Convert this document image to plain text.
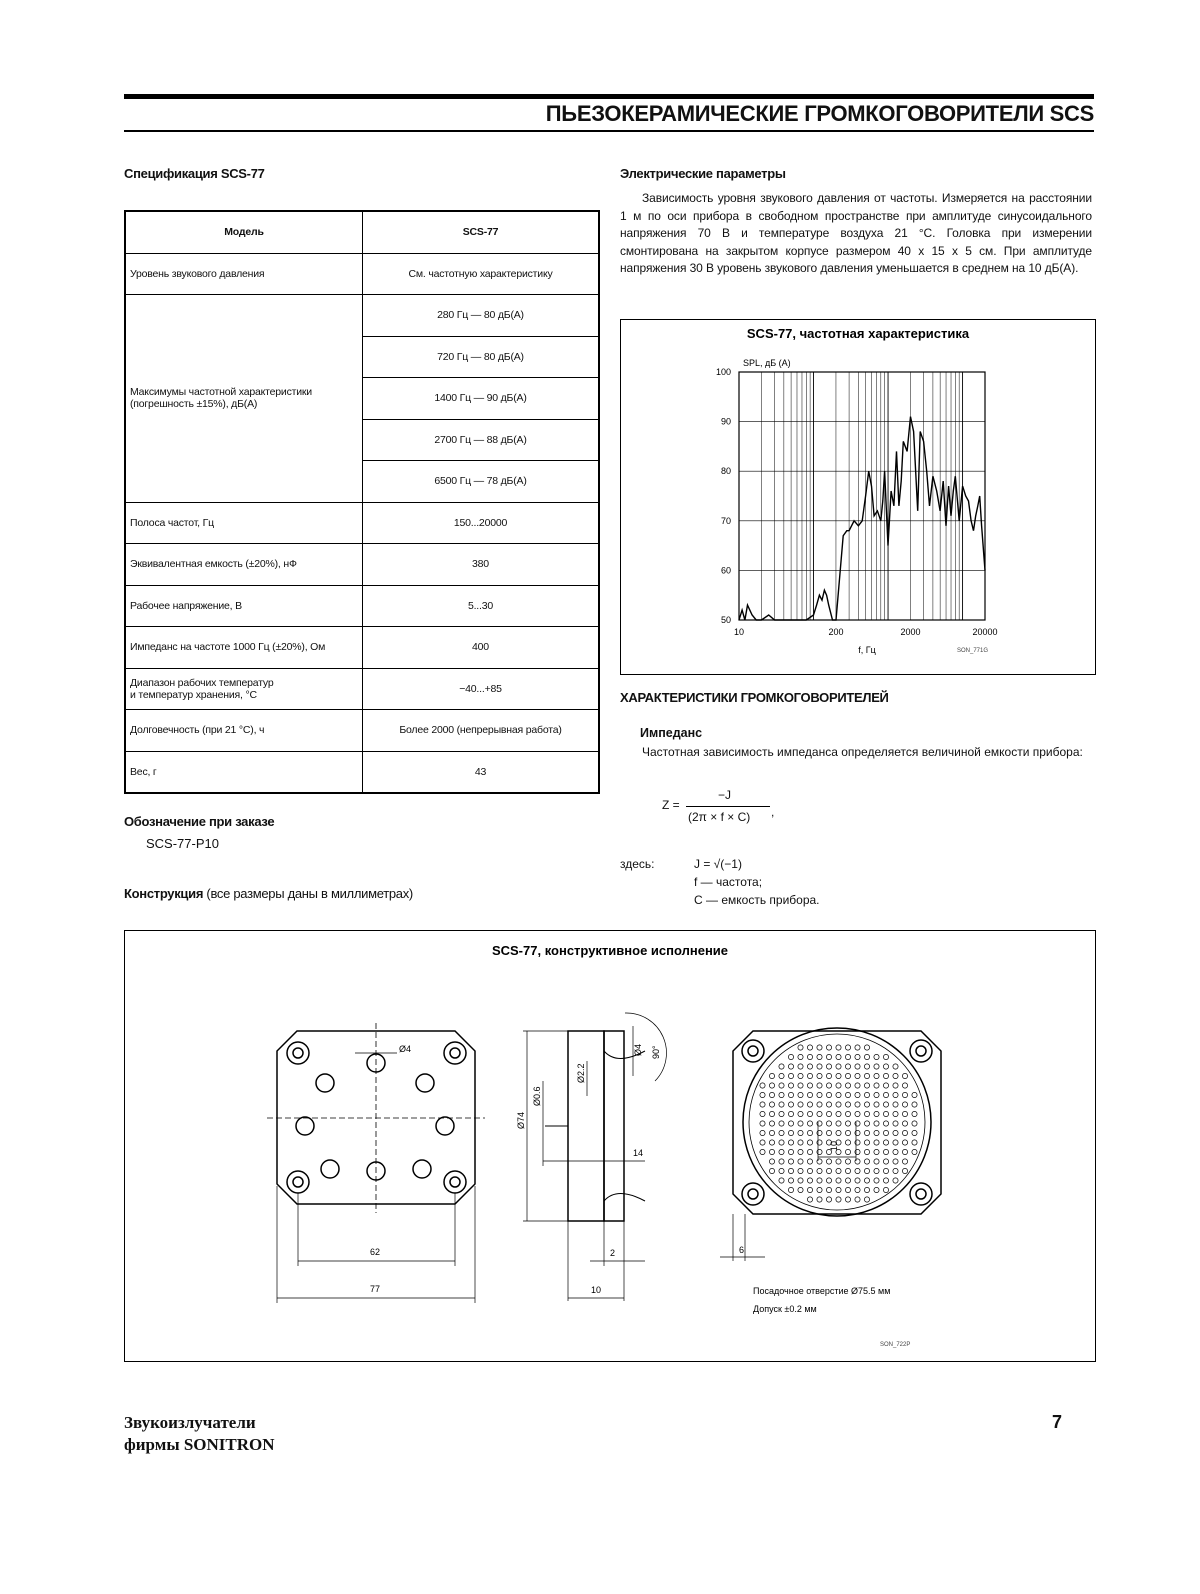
ПЬЕЗОКЕРАМИЧЕСКИЕ ГРОМКОГОВОРИТЕЛИ SCS
Спецификация SCS-77
Модель	SCS-77
Уровень звукового давления	См. частотную характеристику
Максимумы частотной характеристики (погрешность ±15%), дБ(A)	280 Гц — 80 дБ(А)
	720 Гц — 80 дБ(А)
	1400 Гц — 90 дБ(А)
	2700 Гц — 88 дБ(А)
	6500 Гц — 78 дБ(А)
Полоса частот, Гц	150...20000
Эквивалентная емкость (±20%), нФ	380
Рабочее напряжение, В	5...30
Импеданс на частоте 1000 Гц (±20%), Ом	400
Диапазон рабочих температур
и температур хранения, °С	−40...+85
Долговечность (при 21 °С), ч	Более 2000 (непрерывная работа)
Вес, г	43
Обозначение при заказе
SCS-77-P10
Конструкция (все размеры даны в миллиметрах)
Электрические параметры

Зависимость уровня звукового давления от частоты. Измеряется на расстоянии 1 м по оси прибора в свободном пространстве при амплитуде синусоидального напряжения 70 В и температуре воздуха 21 °С. Головка при измерении смонтирована на закрытом корпусе размером 40 x 15 x 5 см. При амплитуде напряжения 30 В уровень звукового давления уменьшается в среднем на 10 дБ(А).

SCS-77, частотная характеристика
SPL, дБ (A)
50
60
70
80
90
100
10	200	2000	20000
f, Гц	SON_771G
ХАРАКТЕРИСТИКИ ГРОМКОГОВОРИТЕЛЕЙ
Импеданс

Частотная зависимость импеданса определяется величиной емкости прибора:

Z =
−J
(2π × f × C) ,
здесь:	J = √(−1)
f — частота;
C — емкость прибора.
SCS-77, конструктивное исполнение
Ø4
62
77
Ø74
Ø0.6
Ø2.2
Ø4 90°
14
2
10
10
6
Посадочное отверстие Ø75.5 мм
Допуск ±0.2 мм
SON_722P
Звукоизлучатели
фирмы SONITRON
7
